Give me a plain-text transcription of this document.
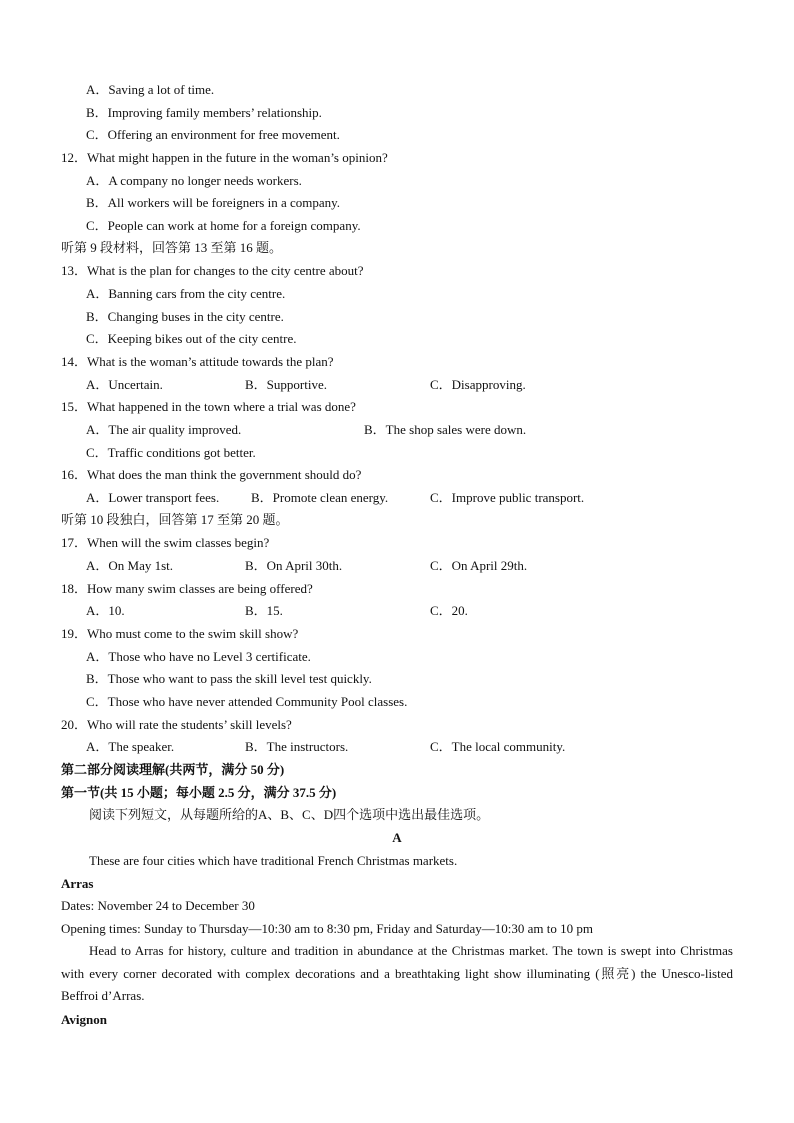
A．Saving a lot of time.
B．Improving family members’ relationship.
C．Offering an environment for free movement.
12．What might happen in the future in the woman’s opinion?
A．A company no longer needs workers.
B．All workers will be foreigners in a company.
C．People can work at home for a foreign company.
听第 9 段材料，回答第 13 至第 16 题。
13．What is the plan for changes to the city centre about?
A．Banning cars from the city centre.
B．Changing buses in the city centre.
C．Keeping bikes out of the city centre.
14．What is the woman’s attitude towards the plan?
A．Uncertain.	B．Supportive.	C．Disapproving.
15．What happened in the town where a trial was done?
A．The air quality improved.	B．The shop sales were down.
C．Traffic conditions got better.
16．What does the man think the government should do?
A．Lower transport fees. B．Promote clean energy.	C．Improve public transport.
听第 10 段独白，回答第 17 至第 20 题。
17．When will the swim classes begin?
A．On May 1st.	B．On April 30th.	C．On April 29th.
18．How many swim classes are being offered?
A．10.	B．15.	C．20.
19．Who must come to the swim skill show?
A．Those who have no Level 3 certificate.
B．Those who want to pass the skill level test quickly.
C．Those who have never attended Community Pool classes.
20．Who will rate the students’ skill levels?
A．The speaker.	B．The instructors.	C．The local community.
第二部分阅读理解(共两节，满分 50 分)
第一节(共 15 小题；每小题 2.5 分，满分 37.5 分)
阅读下列短文，从每题所给的A、B、C、D四个选项中选出最佳选项。
A
These are four cities which have traditional French Christmas markets.
Arras
Dates: November 24 to December 30
Opening times: Sunday to Thursday—10:30 am to 8:30 pm, Friday and Saturday—10:30 am to 10 pm
Head to Arras for history, culture and tradition in abundance at the Christmas market. The town is swept into Christmas with every corner decorated with complex decorations and a breathtaking light show illuminating (照亮) the Unesco-listed Beffroi d’Arras.
Avignon
